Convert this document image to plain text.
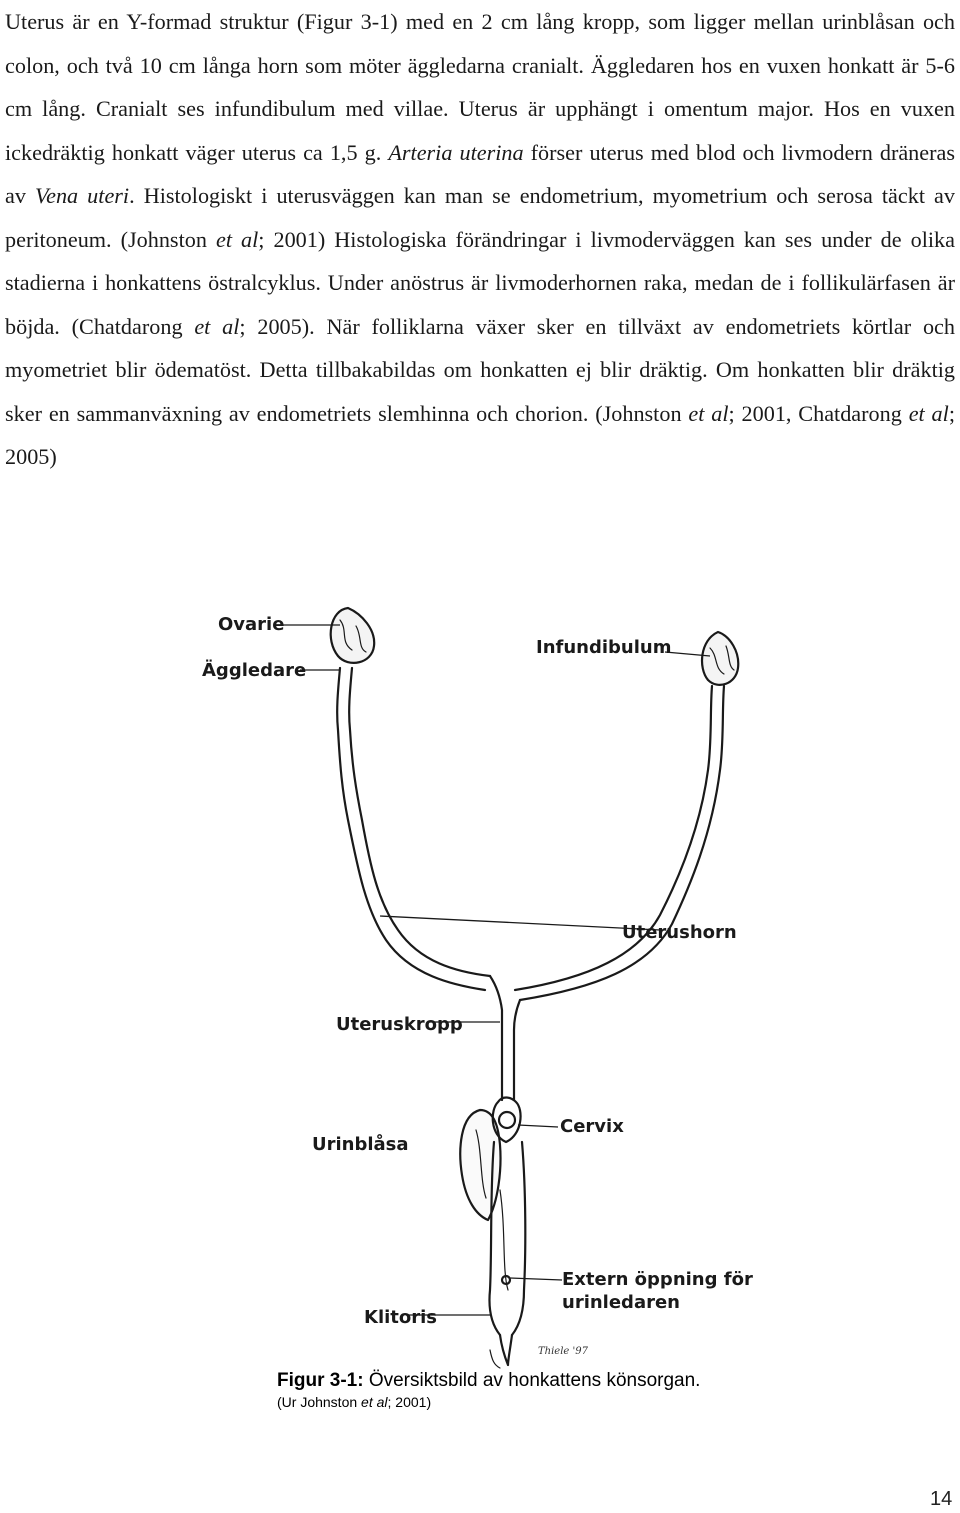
Uterus är en Y-formad struktur (Figur 3-1) med en 2 cm lång kropp, som ligger mellan urinblåsan och colon, och två 10 cm långa horn som möter äggledarna cranialt. Äggledaren hos en vuxen honkatt är 5-6 cm lång. Cranialt ses infundibulum med villae. Uterus är upphängt i omentum major. Hos en vuxen ickedräktig honkatt väger uterus ca 1,5 g. Arteria uterina förser uterus med blod och livmodern dräneras av Vena uteri. Histologiskt i uterusväggen kan man se endometrium, myometrium och serosa täckt av peritoneum. (Johnston et al; 2001) Histologiska förändringar i livmoderväggen kan ses under de olika stadierna i honkattens östralcyklus. Under anöstrus är livmoderhornen raka, medan de i follikulärfasen är böjda. (Chatdarong et al; 2005). När folliklarna växer sker en tillväxt av endometriets körtlar och myometriet blir ödematöst. Detta tillbakabildas om honkatten ej blir dräktig. Om honkatten blir dräktig sker en sammanväxning av endometriets slemhinna och chorion. (Johnston et al; 2001, Chatdarong et al; 2005)
Ovarie
Äggledare
Infundibulum
Uterushorn
Uteruskropp
Urinblåsa
Cervix
Extern öppning för
urinledaren
Klitoris
Thiele '97
Figur 3-1: Översiktsbild av honkattens könsorgan.
(Ur Johnston et al; 2001)
14
